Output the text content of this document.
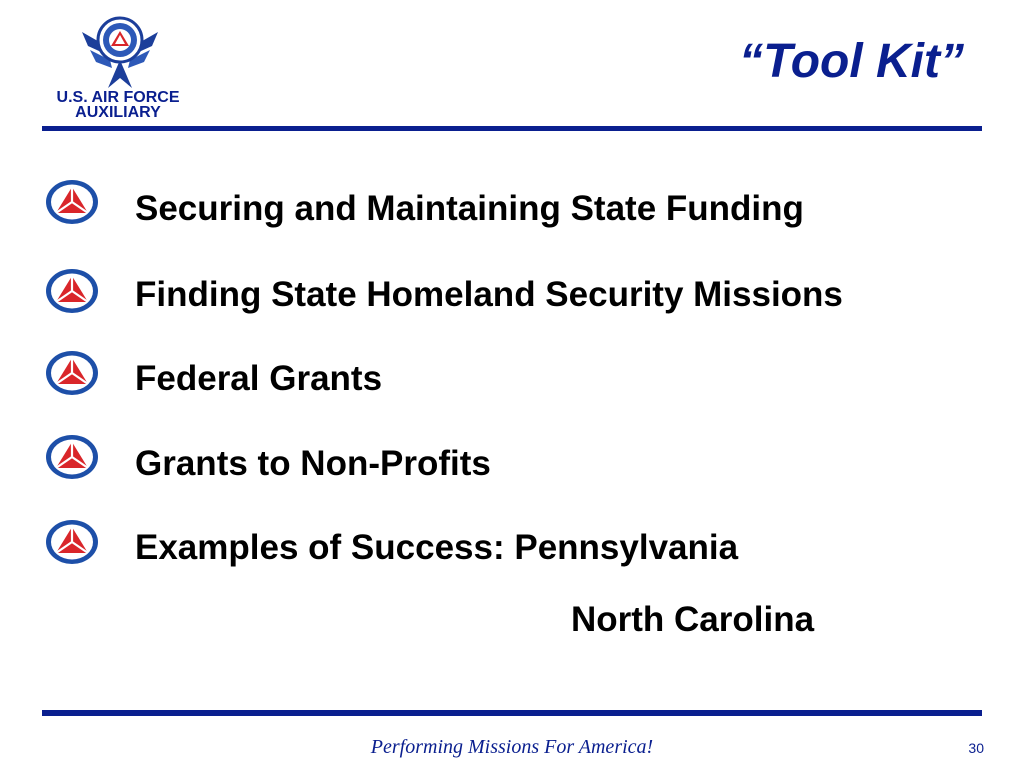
U.S. AIR FORCE
AUXILIARY
“Tool Kit”
Securing and Maintaining State Funding
Finding State Homeland Security Missions
Federal Grants
Grants to Non-Profits
Examples of Success: Pennsylvania
North Carolina
Performing Missions For America!	30
